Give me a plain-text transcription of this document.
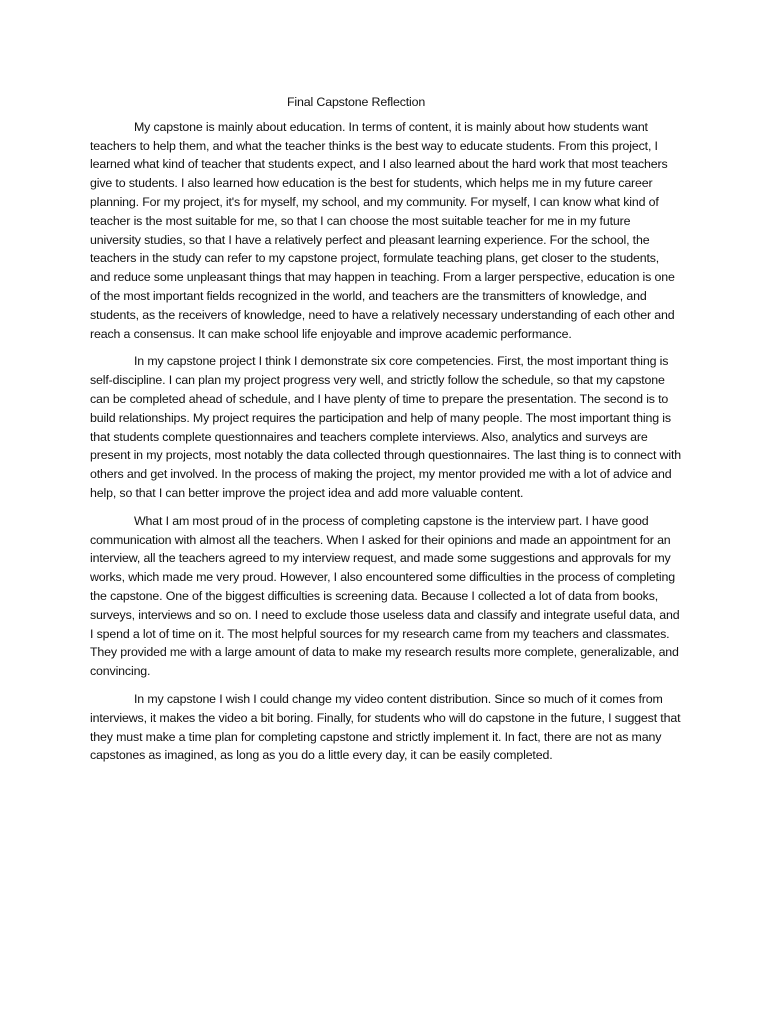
Final Capstone Reflection

My capstone is mainly about education. In terms of content, it is mainly about how students want teachers to help them, and what the teacher thinks is the best way to educate students. From this project, I learned what kind of teacher that students expect, and I also learned about the hard work that most teachers give to students. I also learned how education is the best for students, which helps me in my future career planning. For my project, it's for myself, my school, and my community. For myself, I can know what kind of teacher is the most suitable for me, so that I can choose the most suitable teacher for me in my future university studies, so that I have a relatively perfect and pleasant learning experience. For the school, the teachers in the study can refer to my capstone project, formulate teaching plans, get closer to the students, and reduce some unpleasant things that may happen in teaching. From a larger perspective, education is one of the most important fields recognized in the world, and teachers are the transmitters of knowledge, and students, as the receivers of knowledge, need to have a relatively necessary understanding of each other and reach a consensus. It can make school life enjoyable and improve academic performance.

In my capstone project I think I demonstrate six core competencies. First, the most important thing is self-discipline. I can plan my project progress very well, and strictly follow the schedule, so that my capstone can be completed ahead of schedule, and I have plenty of time to prepare the presentation. The second is to build relationships. My project requires the participation and help of many people. The most important thing is that students complete questionnaires and teachers complete interviews. Also, analytics and surveys are present in my projects, most notably the data collected through questionnaires. The last thing is to connect with others and get involved. In the process of making the project, my mentor provided me with a lot of advice and help, so that I can better improve the project idea and add more valuable content.

What I am most proud of in the process of completing capstone is the interview part. I have good communication with almost all the teachers. When I asked for their opinions and made an appointment for an interview, all the teachers agreed to my interview request, and made some suggestions and approvals for my works, which made me very proud. However, I also encountered some difficulties in the process of completing the capstone. One of the biggest difficulties is screening data. Because I collected a lot of data from books, surveys, interviews and so on. I need to exclude those useless data and classify and integrate useful data, and I spend a lot of time on it. The most helpful sources for my research came from my teachers and classmates. They provided me with a large amount of data to make my research results more complete, generalizable, and convincing.

In my capstone I wish I could change my video content distribution. Since so much of it comes from interviews, it makes the video a bit boring. Finally, for students who will do capstone in the future, I suggest that they must make a time plan for completing capstone and strictly implement it. In fact, there are not as many capstones as imagined, as long as you do a little every day, it can be easily completed.
